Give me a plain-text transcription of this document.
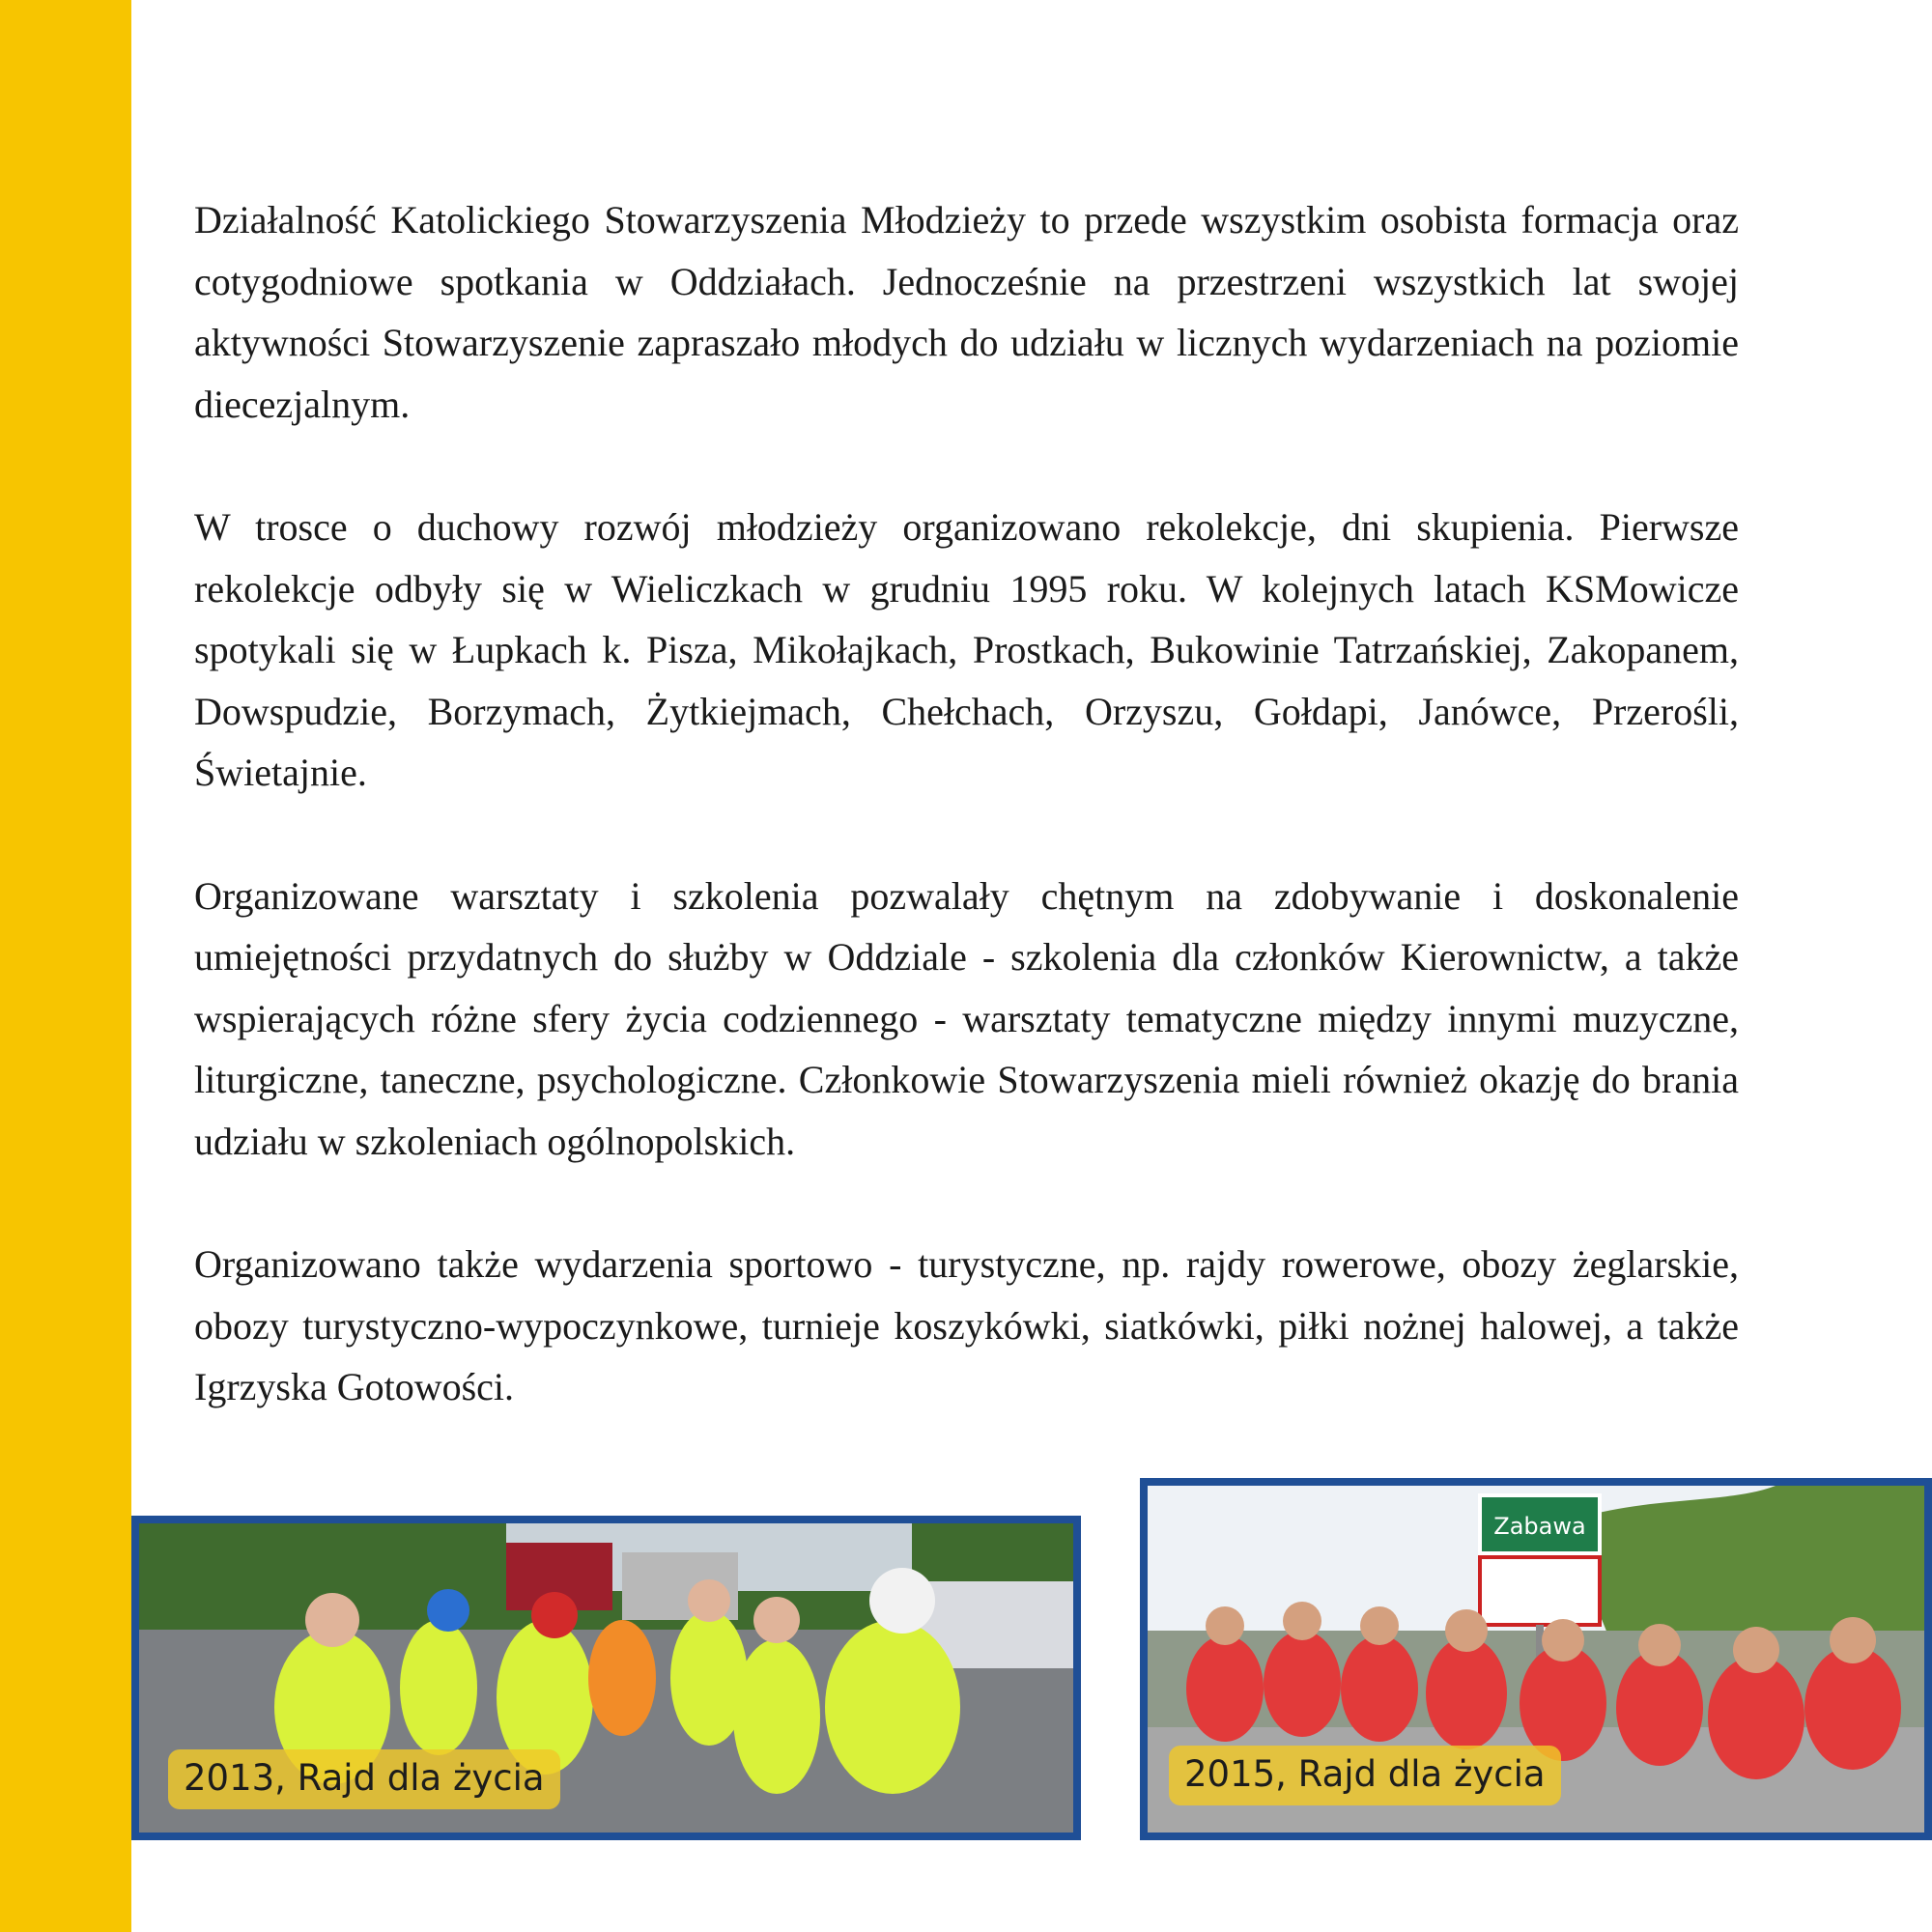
Działalność Katolickiego Stowarzyszenia Młodzieży to przede wszystkim osobista formacja oraz cotygodniowe spotkania w Oddziałach. Jednocześnie na przestrzeni wszystkich lat swojej aktywności Stowarzyszenie zapraszało młodych do udziału w licznych wydarzeniach na poziomie diecezjalnym.

W trosce o duchowy rozwój młodzieży organizowano rekolekcje, dni skupienia. Pierwsze rekolekcje odbyły się w Wieliczkach w grudniu 1995 roku. W kolejnych latach KSMowicze spotykali się w Łupkach k. Pisza, Mikołajkach, Prostkach, Bukowinie Tatrzańskiej, Zakopanem, Dowspudzie, Borzymach, Żytkiejmach, Chełchach, Orzyszu, Gołdapi, Janówce, Przerośli, Świetajnie.

Organizowane warsztaty i szkolenia pozwalały chętnym na zdobywanie i doskonalenie umiejętności przydatnych do służby w Oddziale - szkolenia dla członków Kierownictw, a także wspierających różne sfery życia codziennego - warsztaty tematyczne między innymi muzyczne, liturgiczne, taneczne, psychologiczne. Członkowie Stowarzyszenia mieli również okazję do brania udziału w szkoleniach ogólnopolskich.

Organizowano także wydarzenia sportowo - turystyczne, np. rajdy rowerowe, obozy żeglarskie, obozy turystyczno-wypoczynkowe, turnieje koszykówki, siatkówki, piłki nożnej halowej, a także Igrzyska Gotowości.

2013, Rajd dla życia
Zabawa
2015, Rajd dla życia
